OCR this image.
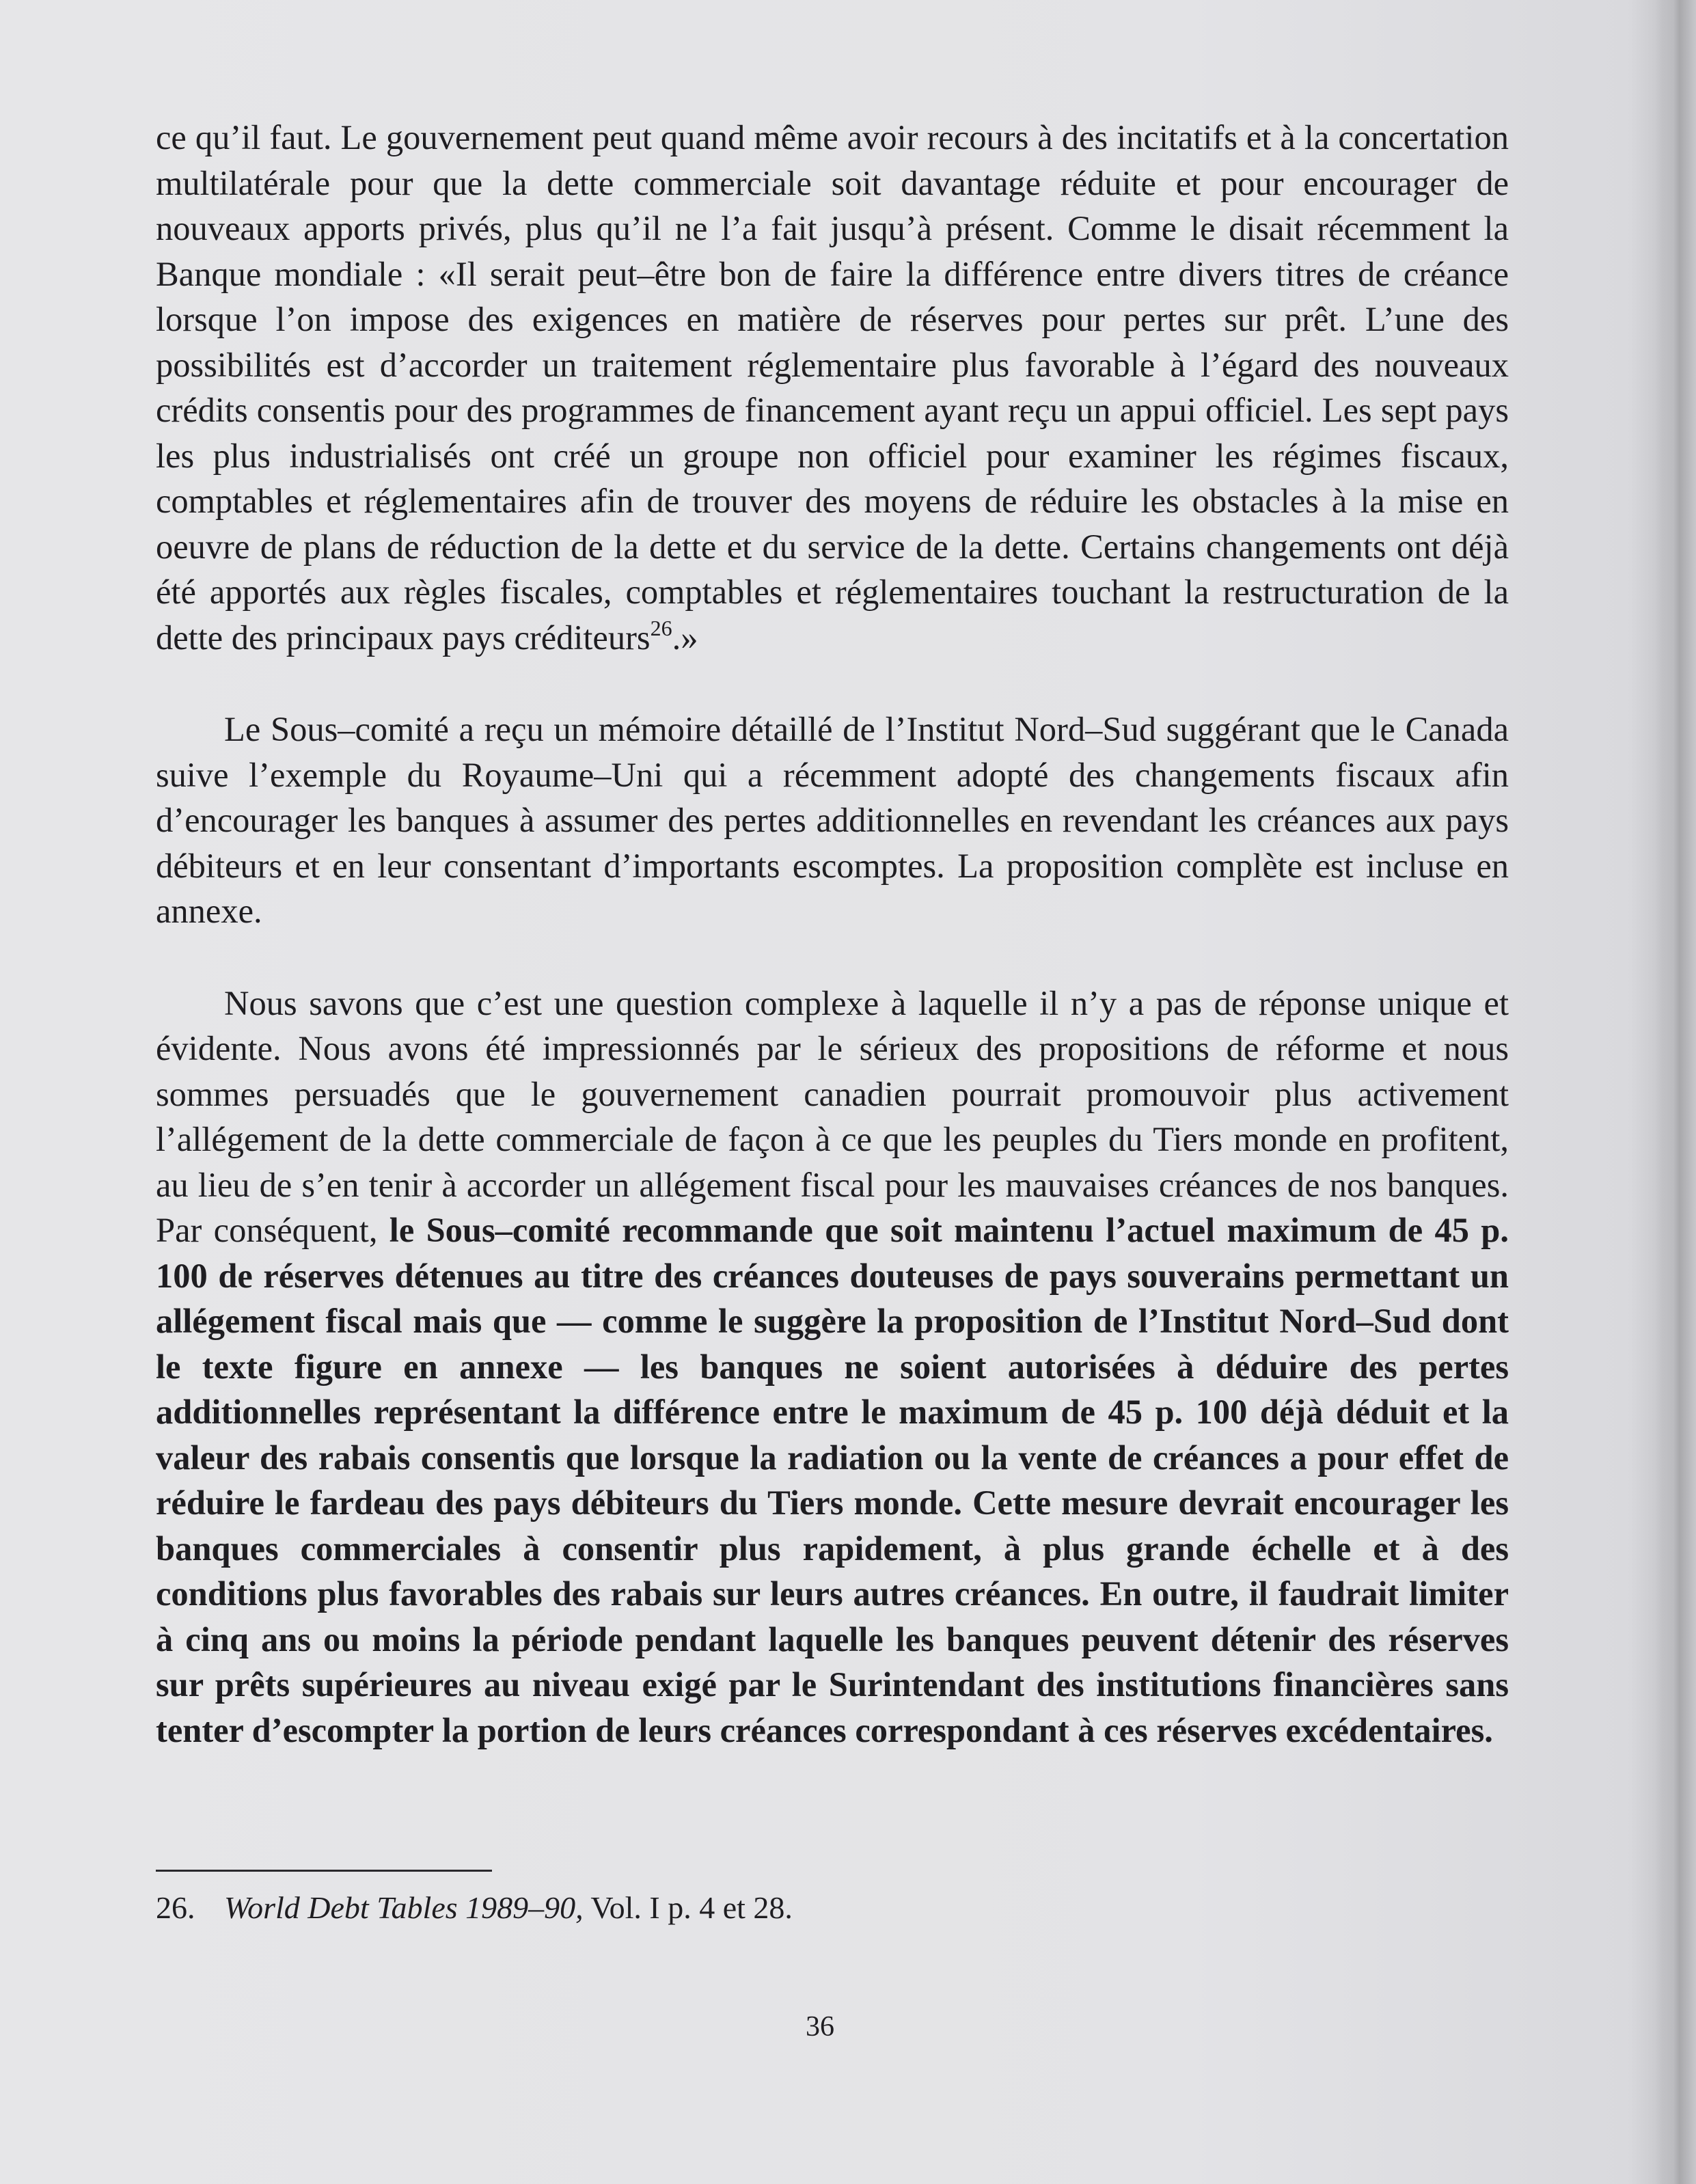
ce qu’il faut. Le gouvernement peut quand même avoir recours à des incitatifs et à la concertation multilatérale pour que la dette commerciale soit davantage réduite et pour encourager de nouveaux apports privés, plus qu’il ne l’a fait jusqu’à présent. Comme le disait récemment la Banque mondiale : «Il serait peut–être bon de faire la différence entre divers titres de créance lorsque l’on impose des exigences en matière de réserves pour pertes sur prêt. L’une des possibilités est d’accorder un traitement réglementaire plus favorable à l’égard des nouveaux crédits consentis pour des programmes de financement ayant reçu un appui officiel. Les sept pays les plus industrialisés ont créé un groupe non officiel pour examiner les régimes fiscaux, comptables et réglementaires afin de trouver des moyens de réduire les obstacles à la mise en oeuvre de plans de réduction de la dette et du service de la dette. Certains changements ont déjà été apportés aux règles fiscales, comptables et réglementaires touchant la restructuration de la dette des principaux pays créditeurs$^{26}$.»

Le Sous–comité a reçu un mémoire détaillé de l’Institut Nord–Sud suggérant que le Canada suive l’exemple du Royaume–Uni qui a récemment adopté des changements fiscaux afin d’encourager les banques à assumer des pertes additionnelles en revendant les créances aux pays débiteurs et en leur consentant d’importants escomptes. La proposition complète est incluse en annexe.

Nous savons que c’est une question complexe à laquelle il n’y a pas de réponse unique et évidente. Nous avons été impressionnés par le sérieux des propositions de réforme et nous sommes persuadés que le gouvernement canadien pourrait promouvoir plus activement l’allégement de la dette commerciale de façon à ce que les peuples du Tiers monde en profitent, au lieu de s’en tenir à accorder un allégement fiscal pour les mauvaises créances de nos banques. Par conséquent, le Sous–comité recommande que soit maintenu l’actuel maximum de 45 p. 100 de réserves détenues au titre des créances douteuses de pays souverains permettant un allégement fiscal mais que — comme le suggère la proposition de l’Institut Nord–Sud dont le texte figure en annexe — les banques ne soient autorisées à déduire des pertes additionnelles représentant la différence entre le maximum de 45 p. 100 déjà déduit et la valeur des rabais consentis que lorsque la radiation ou la vente de créances a pour effet de réduire le fardeau des pays débiteurs du Tiers monde. Cette mesure devrait encourager les banques commerciales à consentir plus rapidement, à plus grande échelle et à des conditions plus favorables des rabais sur leurs autres créances. En outre, il faudrait limiter à cinq ans ou moins la période pendant laquelle les banques peuvent détenir des réserves sur prêts supérieures au niveau exigé par le Surintendant des institutions financières sans tenter d’escompter la portion de leurs créances correspondant à ces réserves excédentaires.

26. World Debt Tables 1989–90, Vol. I p. 4 et 28.
36
